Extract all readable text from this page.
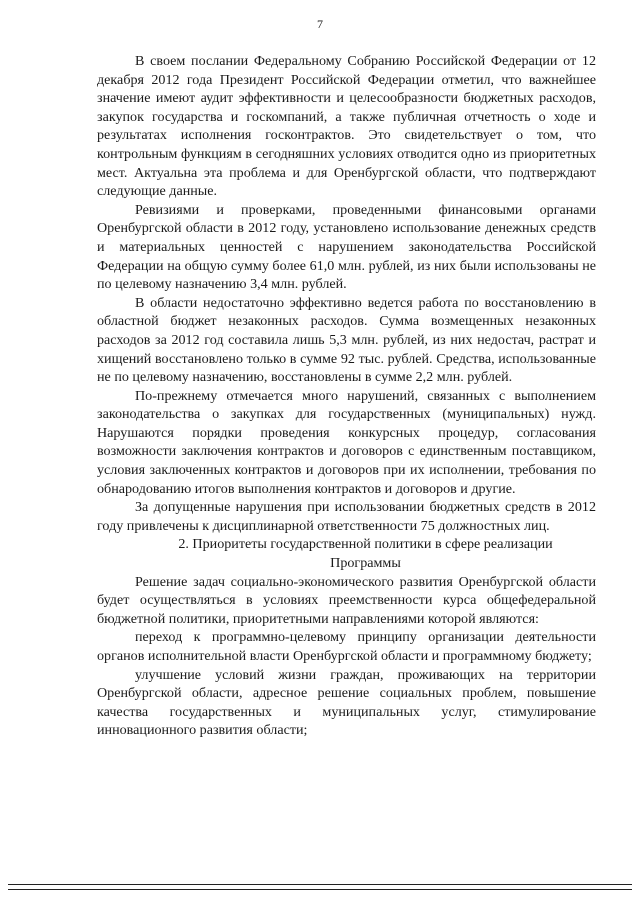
7

В своем послании Федеральному Собранию Российской Федерации от 12 декабря 2012 года Президент Российской Федерации отметил, что важнейшее значение имеют аудит эффективности и целесообразности бюджетных расходов, закупок государства и госкомпаний, а также публичная отчетность о ходе и результатах исполнения госконтрактов. Это свидетельствует о том, что контрольным функциям в сегодняшних условиях отводится одно из приоритетных мест. Актуальна эта проблема и для Оренбургской области, что подтверждают следующие данные.

Ревизиями и проверками, проведенными финансовыми органами Оренбургской области в 2012 году, установлено использование денежных средств и материальных ценностей с нарушением законодательства Российской Федерации на общую сумму более 61,0 млн. рублей, из них были использованы не по целевому назначению 3,4 млн. рублей.

В области недостаточно эффективно ведется работа по восстановлению в областной бюджет незаконных расходов. Сумма возмещенных незаконных расходов за 2012 год составила лишь 5,3 млн. рублей, из них недостач, растрат и хищений восстановлено только в сумме 92 тыс. рублей. Средства, использованные не по целевому назначению, восстановлены в сумме 2,2 млн. рублей.

По-прежнему отмечается много нарушений, связанных с выполнением законодательства о закупках для государственных (муниципальных) нужд. Нарушаются порядки проведения конкурсных процедур, согласования возможности заключения контрактов и договоров с единственным поставщиком, условия заключенных контрактов и договоров при их исполнении, требования по обнародованию итогов выполнения контрактов и договоров и другие.

За допущенные нарушения при использовании бюджетных средств в 2012 году привлечены к дисциплинарной ответственности 75 должностных лиц.

2. Приоритеты государственной политики в сфере реализации

Программы

Решение задач социально-экономического развития Оренбургской области будет осуществляться в условиях преемственности курса общефедеральной бюджетной политики, приоритетными направлениями которой являются:

переход к программно-целевому принципу организации деятельности органов исполнительной власти Оренбургской области и программному бюджету;

улучшение условий жизни граждан, проживающих на территории Оренбургской области, адресное решение социальных проблем, повышение качества государственных и муниципальных услуг, стимулирование инновационного развития области;
